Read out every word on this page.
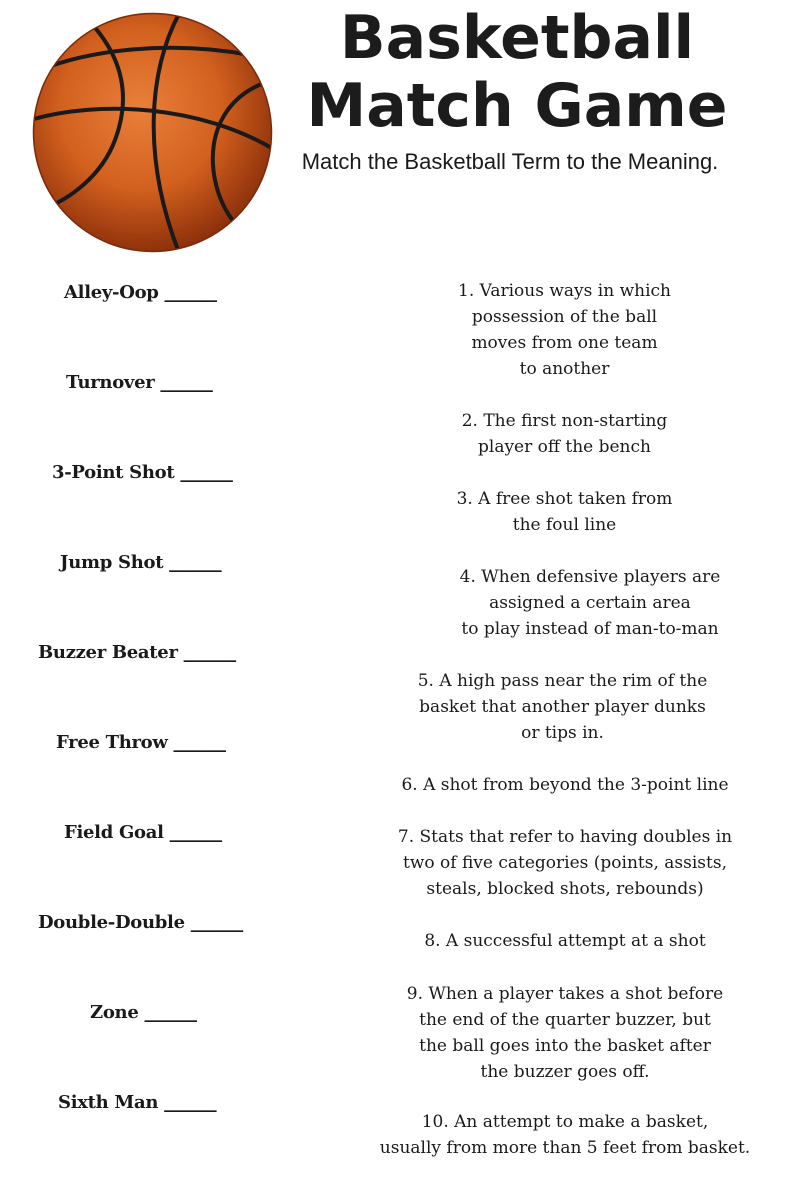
Basketball
Match Game
Match the Basketball Term to the Meaning.
Alley-Oop ______
Turnover ______
3-Point Shot ______
Jump Shot ______
Buzzer Beater ______
Free Throw ______
Field Goal ______
Double-Double ______
Zone ______
Sixth Man ______
1. Various ways in which
possession of the ball
moves from one team
to another
2. The first non-starting
player off the bench
3. A free shot taken from
the foul line
4. When defensive players are
assigned a certain area
to play instead of man-to-man
5. A high pass near the rim of the
basket that another player dunks
or tips in.
6. A shot from beyond the 3-point line
7. Stats that refer to having doubles in
two of five categories (points, assists,
steals, blocked shots, rebounds)
8. A successful attempt at a shot
9. When a player takes a shot before
the end of the quarter buzzer, but
the ball goes into the basket after
the buzzer goes off.
10. An attempt to make a basket,
usually from more than 5 feet from basket.
